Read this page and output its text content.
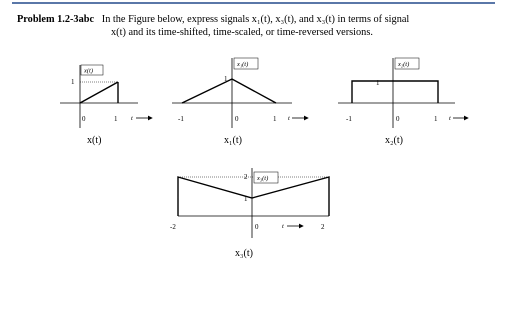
Problem 1.2-3abc In the Figure below, express signals x₁(t), x₃(t), and x₃(t) in terms of signal
x(t) and its time-shifted, time-scaled, or time-reversed versions.
x(t)
1
0	1 t
x(t)
x₁(t)
1
-1	0	1 t
x₁(t)
x₂(t)
1
-1	0	1 t
x₂(t)
x₃(t)
2
1
-2	0	t	2
x₃(t)
